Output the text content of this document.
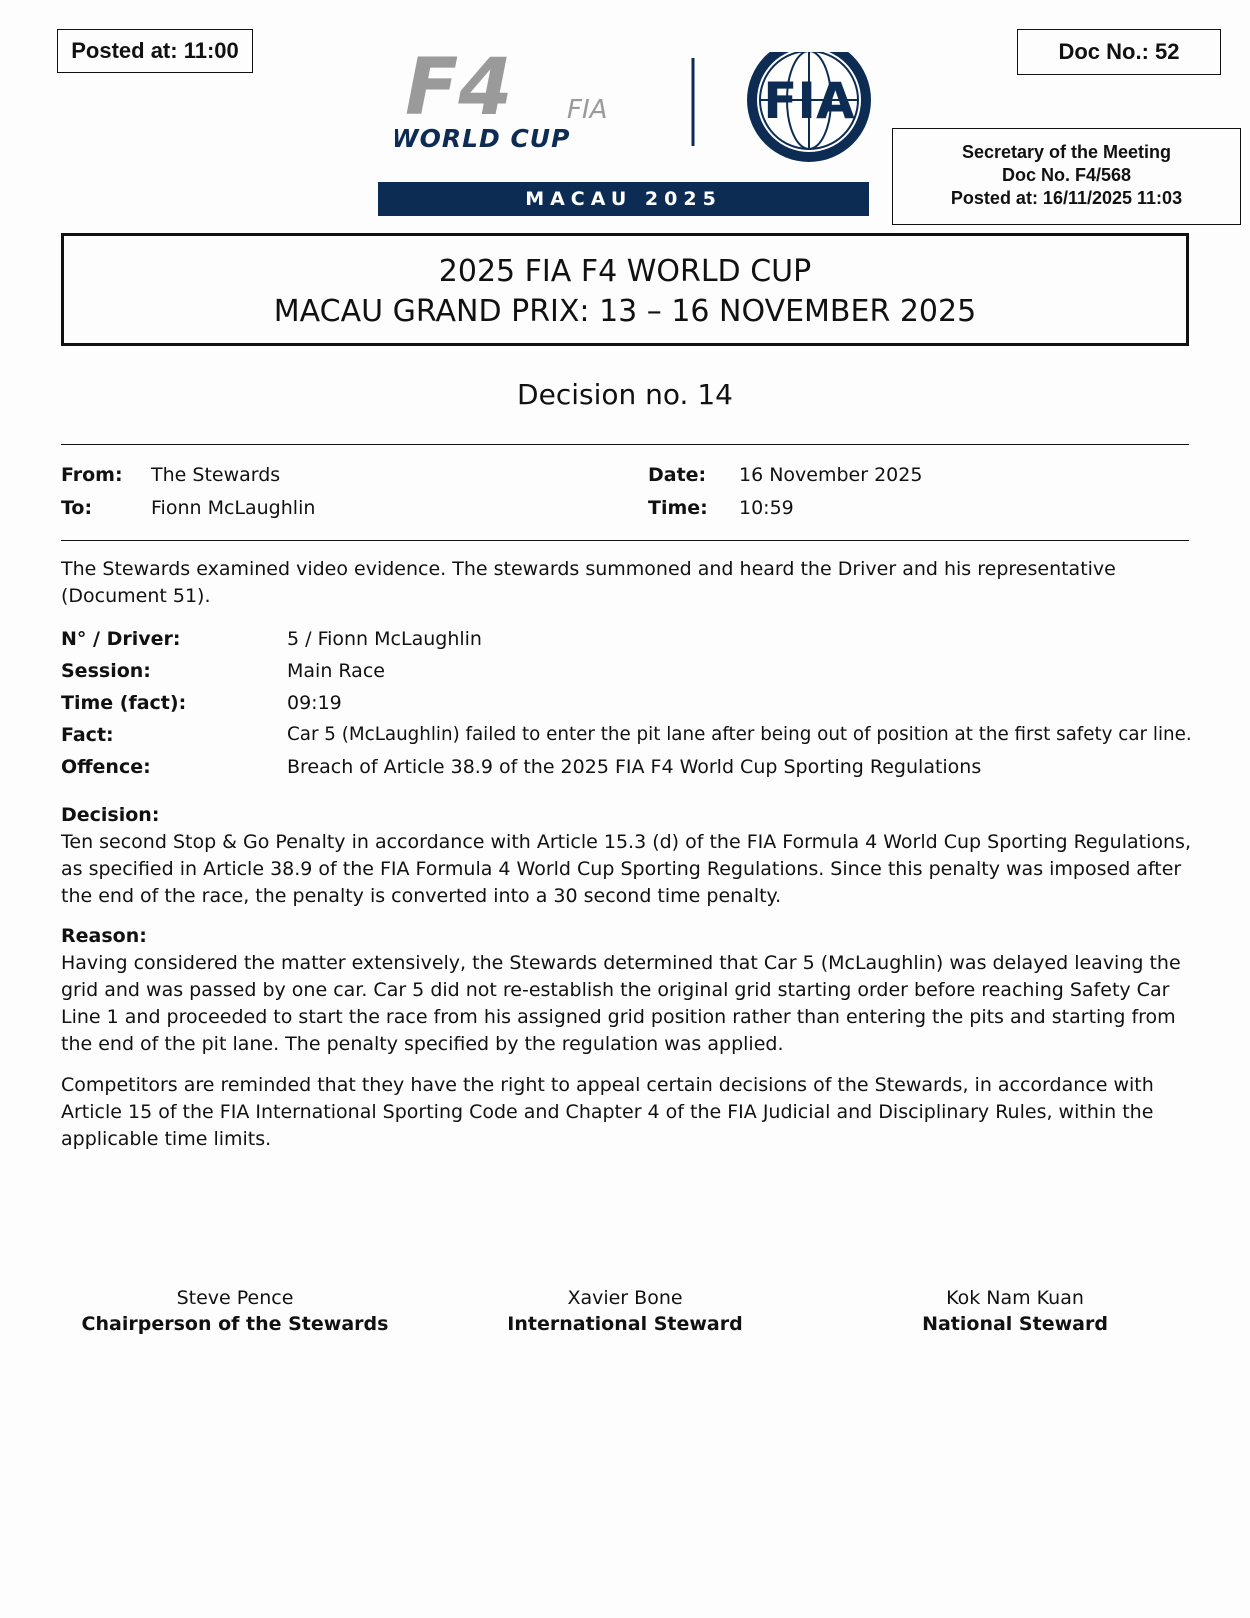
Posted at: 11:00	Doc No.: 52
Secretary of the Meeting
Doc No. F4/568
Posted at: 16/11/2025 11:03
F4 FIA
WORLD CUP
FIA
MACAU 2025
2025 FIA F4 WORLD CUP
MACAU GRAND PRIX: 13 – 16 NOVEMBER 2025
Decision no. 14
From: The Stewards
To:	Fionn McLaughlin
Date: 16 November 2025
Time: 10:59
The Stewards examined video evidence. The stewards summoned and heard the Driver and his representative (Document 51).
N° / Driver:	5 / Fionn McLaughlin
Session:	Main Race
Time (fact):	09:19
Fact:	Car 5 (McLaughlin) failed to enter the pit lane after being out of position at the first safety car line.
Offence:	Breach of Article 38.9 of the 2025 FIA F4 World Cup Sporting Regulations

Decision:

Ten second Stop & Go Penalty in accordance with Article 15.3 (d) of the FIA Formula 4 World Cup Sporting Regulations, as specified in Article 38.9 of the FIA Formula 4 World Cup Sporting Regulations. Since this penalty was imposed after the end of the race, the penalty is converted into a 30 second time penalty.

Reason:

Having considered the matter extensively, the Stewards determined that Car 5 (McLaughlin) was delayed leaving the grid and was passed by one car. Car 5 did not re-establish the original grid starting order before reaching Safety Car Line 1 and proceeded to start the race from his assigned grid position rather than entering the pits and starting from the end of the pit lane. The penalty specified by the regulation was applied.

Competitors are reminded that they have the right to appeal certain decisions of the Stewards, in accordance with Article 15 of the FIA International Sporting Code and Chapter 4 of the FIA Judicial and Disciplinary Rules, within the applicable time limits.
Steve Pence
Chairperson of the Stewards
Xavier Bone
International Steward
Kok Nam Kuan
National Steward
